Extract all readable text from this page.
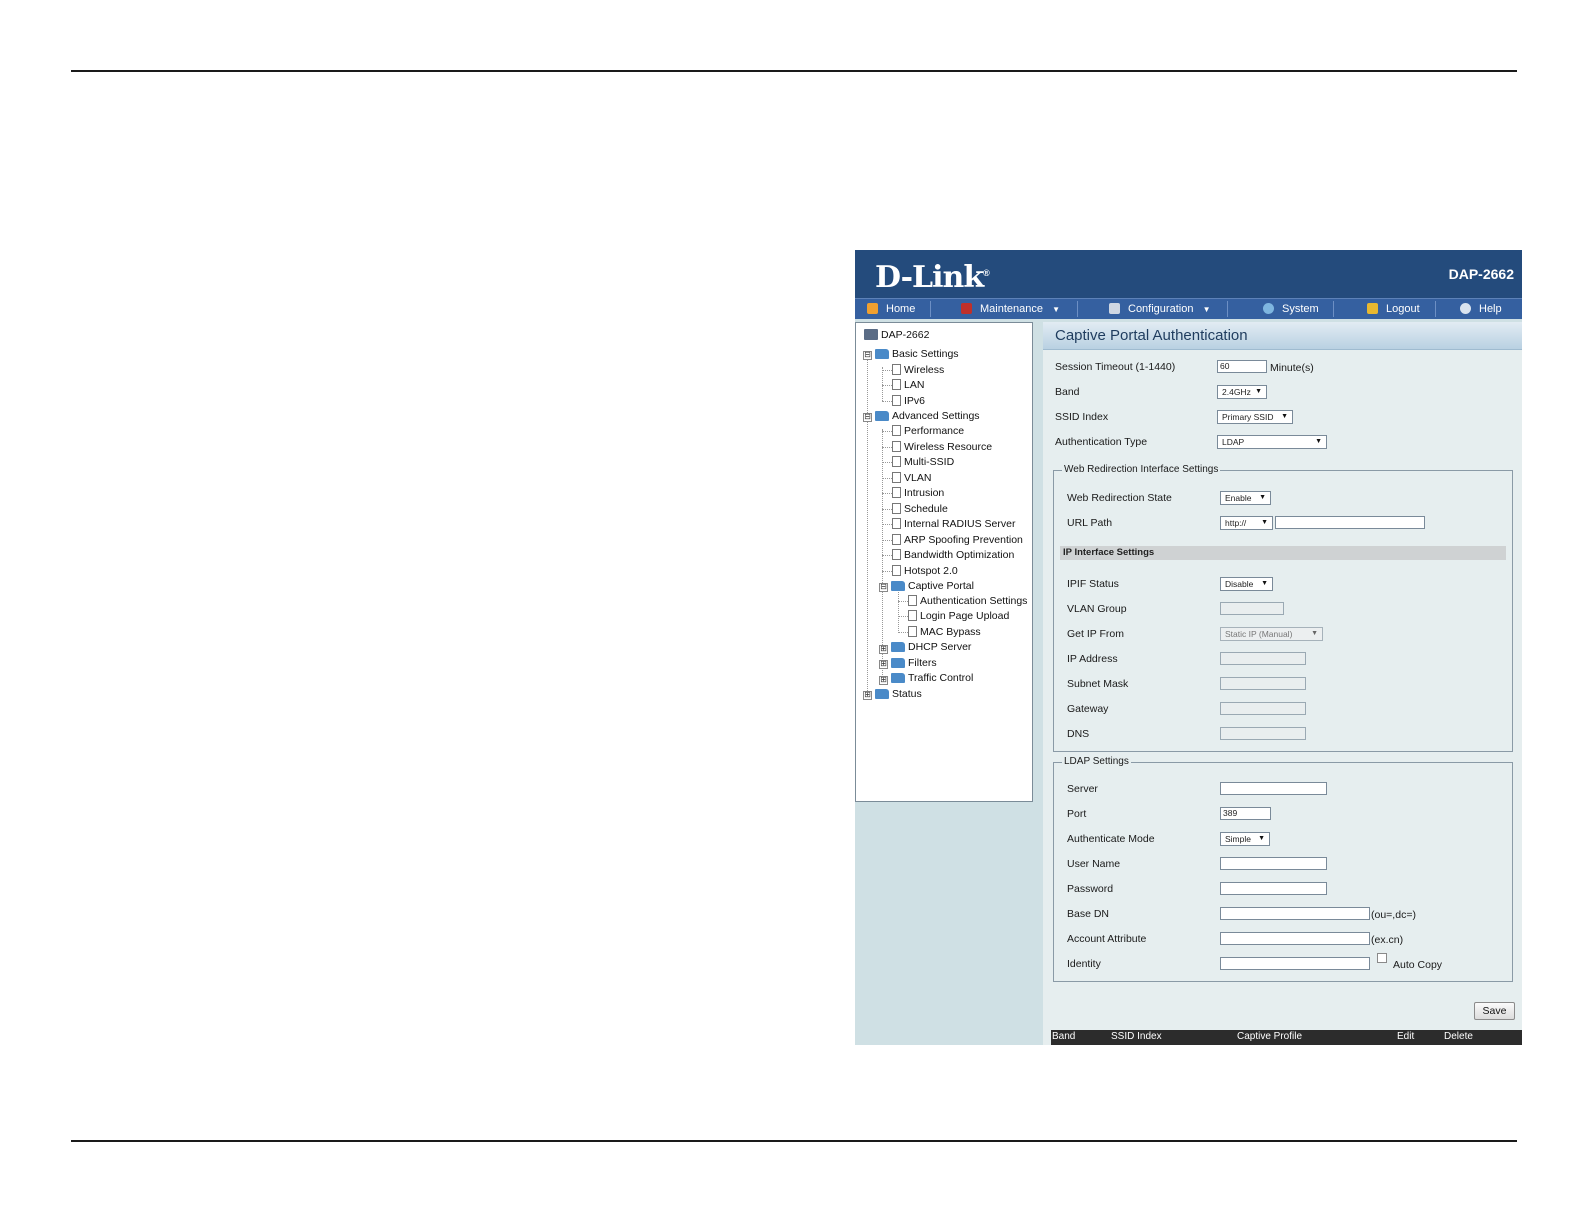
D-Link®	DAP-2662
Home	Maintenance ▼	Configuration ▼	System	Logout	Help
DAP-2662
⊟	Basic Settings
Wireless
LAN
IPv6
⊟	Advanced Settings
Performance
Wireless Resource
Multi-SSID
VLAN
Intrusion
Schedule
Internal RADIUS Server
ARP Spoofing Prevention
Bandwidth Optimization
Hotspot 2.0
⊟	Captive Portal
Authentication Settings
Login Page Upload
MAC Bypass
⊞	DHCP Server
⊞	Filters
⊞	Traffic Control
⊞	Status
Captive Portal Authentication
Session Timeout (1-1440)	60	Minute(s)
Band	2.4GHz ▼
SSID Index	Primary SSID ▼
Authentication Type	LDAP	▼
Web Redirection Interface Settings
Web Redirection State	Enable ▼
URL Path	http:// ▼
IP Interface Settings
IPIF Status	Disable ▼
VLAN Group
Get IP From	Static IP (Manual)	▼
IP Address
Subnet Mask
Gateway
DNS
LDAP Settings
Server
Port	389
Authenticate Mode	Simple ▼
User Name
Password
Base DN	(ou=,dc=)
Account Attribute	(ex.cn)
Identity	Auto Copy
Save
Band	SSID Index	Captive Profile	Edit	Delete
